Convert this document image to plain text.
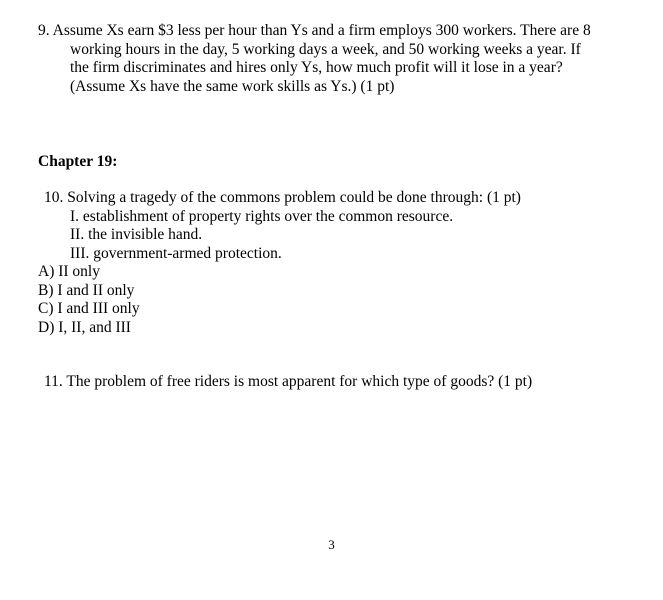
9. Assume Xs earn $3 less per hour than Ys and a firm employs 300 workers. There are 8
working hours in the day, 5 working days a week, and 50 working weeks a year. If
the firm discriminates and hires only Ys, how much profit will it lose in a year?
(Assume Xs have the same work skills as Ys.) (1 pt)
Chapter 19:
10. Solving a tragedy of the commons problem could be done through: (1 pt)
I. establishment of property rights over the common resource.
II. the invisible hand.
III. government-armed protection.
A) II only
B) I and II only
C) I and III only
D) I, II, and III
11. The problem of free riders is most apparent for which type of goods? (1 pt)
3
